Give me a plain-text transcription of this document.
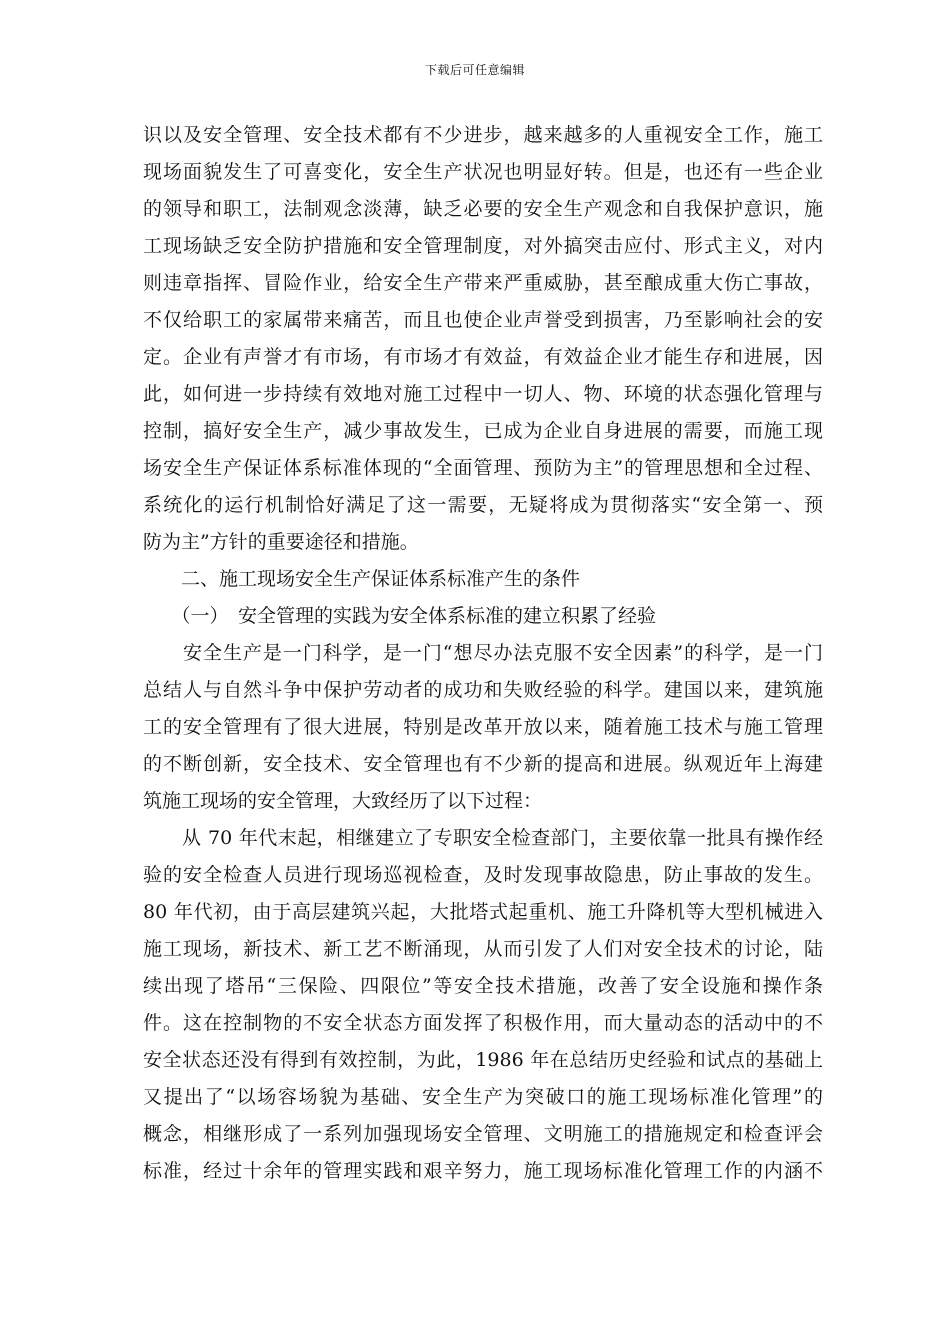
下载后可任意编辑
识以及安全管理、安全技术都有不少进步，越来越多的人重视安全工作，施工
现场面貌发生了可喜变化，安全生产状况也明显好转。但是，也还有一些企业
的领导和职工，法制观念淡薄，缺乏必要的安全生产观念和自我保护意识，施
工现场缺乏安全防护措施和安全管理制度，对外搞突击应付、形式主义，对内
则违章指挥、冒险作业，给安全生产带来严重威胁，甚至酿成重大伤亡事故，
不仅给职工的家属带来痛苦，而且也使企业声誉受到损害，乃至影响社会的安
定。企业有声誉才有市场，有市场才有效益，有效益企业才能生存和进展，因
此，如何进一步持续有效地对施工过程中一切人、物、环境的状态强化管理与
控制，搞好安全生产，减少事故发生，已成为企业自身进展的需要，而施工现
场安全生产保证体系标准体现的“全面管理、预防为主”的管理思想和全过程、
系统化的运行机制恰好满足了这一需要，无疑将成为贯彻落实“安全第一、预
防为主”方针的重要途径和措施。
　　二、施工现场安全生产保证体系标准产生的条件
　　（一）　安全管理的实践为安全体系标准的建立积累了经验
　　安全生产是一门科学，是一门“想尽办法克服不安全因素”的科学，是一门
总结人与自然斗争中保护劳动者的成功和失败经验的科学。建国以来，建筑施
工的安全管理有了很大进展，特别是改革开放以来，随着施工技术与施工管理
的不断创新，安全技术、安全管理也有不少新的提高和进展。纵观近年上海建
筑施工现场的安全管理，大致经历了以下过程：
　　从 70 年代末起，相继建立了专职安全检查部门，主要依靠一批具有操作经
验的安全检查人员进行现场巡视检查，及时发现事故隐患，防止事故的发生。
80 年代初，由于高层建筑兴起，大批塔式起重机、施工升降机等大型机械进入
施工现场，新技术、新工艺不断涌现，从而引发了人们对安全技术的讨论，陆
续出现了塔吊“三保险、四限位”等安全技术措施，改善了安全设施和操作条
件。这在控制物的不安全状态方面发挥了积极作用，而大量动态的活动中的不
安全状态还没有得到有效控制，为此，1986 年在总结历史经验和试点的基础上
又提出了“以场容场貌为基础、安全生产为突破口的施工现场标准化管理”的
概念，相继形成了一系列加强现场安全管理、文明施工的措施规定和检查评会
标准，经过十余年的管理实践和艰辛努力，施工现场标准化管理工作的内涵不
